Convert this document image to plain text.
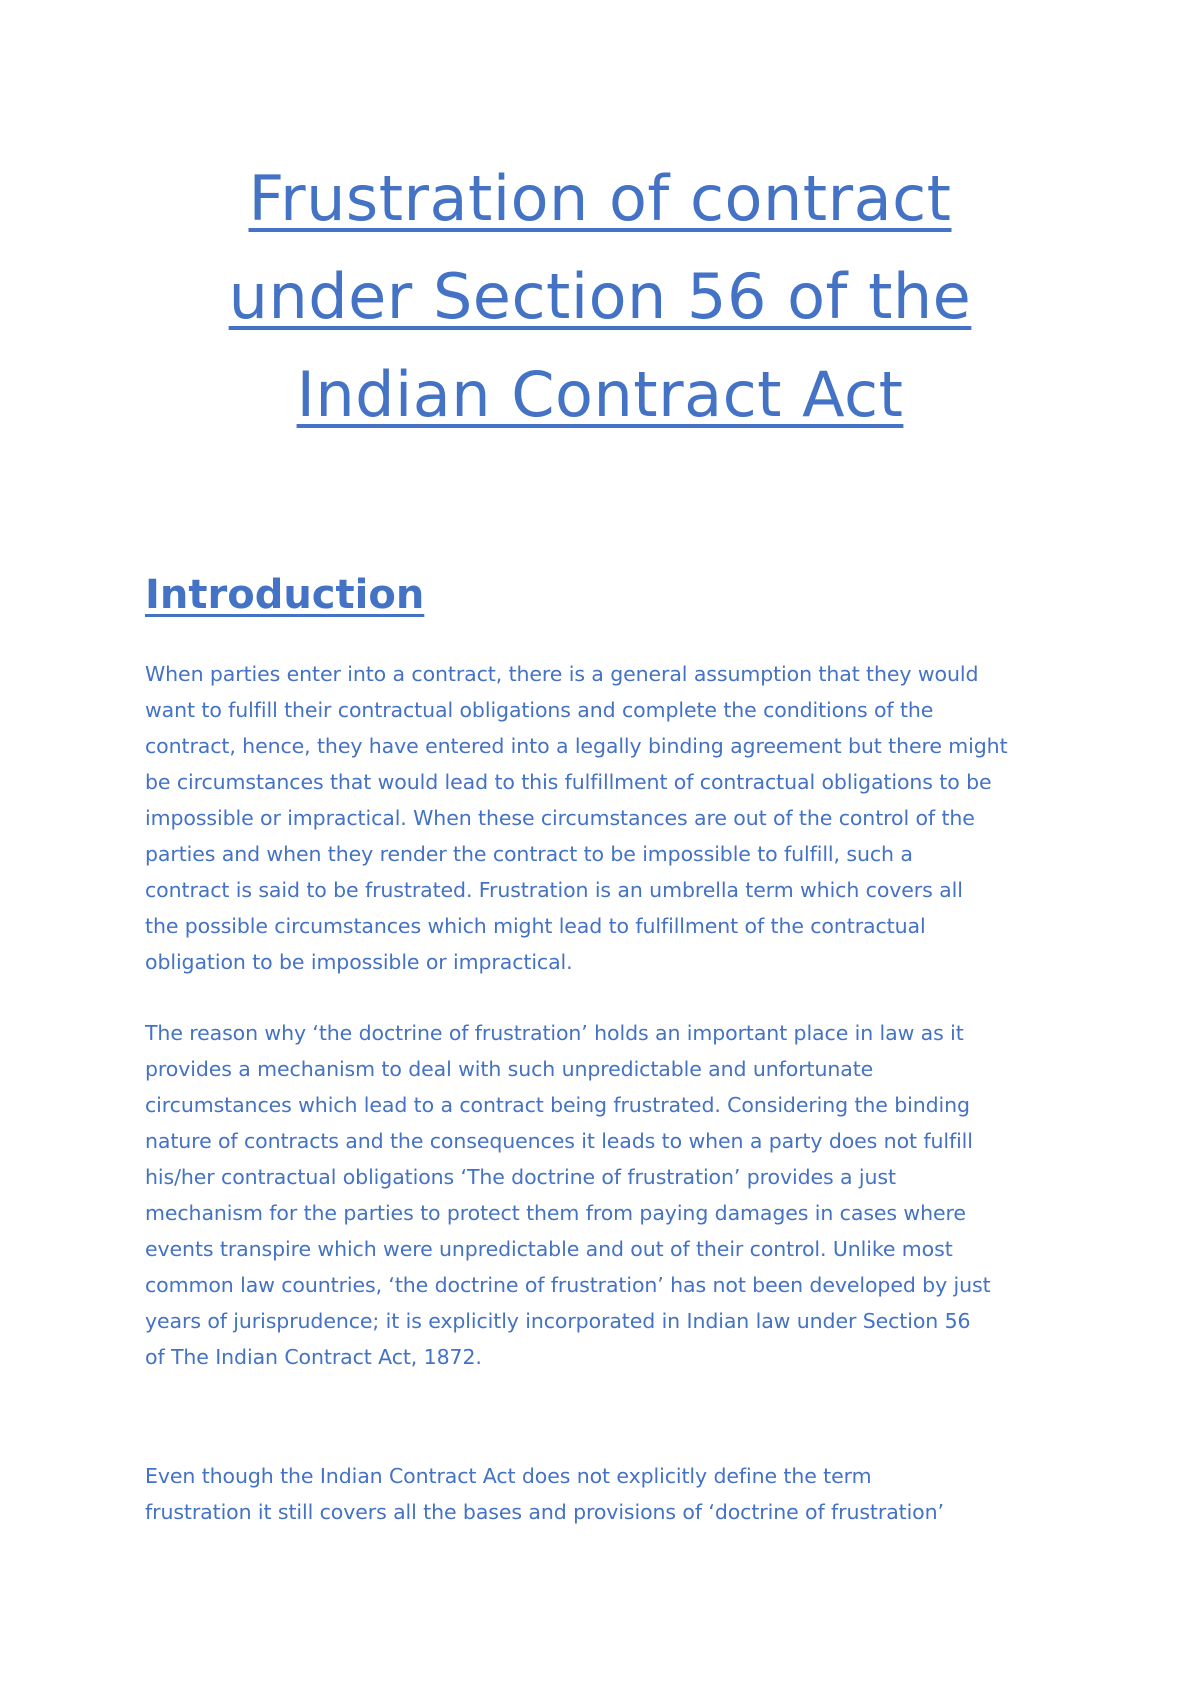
Frustration of contract
under Section 56 of the
Indian Contract Act
Introduction
When parties enter into a contract, there is a general assumption that they would
want to fulfill their contractual obligations and complete the conditions of the
contract, hence, they have entered into a legally binding agreement but there might
be circumstances that would lead to this fulfillment of contractual obligations to be
impossible or impractical. When these circumstances are out of the control of the
parties and when they render the contract to be impossible to fulfill, such a
contract is said to be frustrated. Frustration is an umbrella term which covers all
the possible circumstances which might lead to fulfillment of the contractual
obligation to be impossible or impractical.
The reason why ‘the doctrine of frustration’ holds an important place in law as it
provides a mechanism to deal with such unpredictable and unfortunate
circumstances which lead to a contract being frustrated. Considering the binding
nature of contracts and the consequences it leads to when a party does not fulfill
his/her contractual obligations ‘The doctrine of frustration’ provides a just
mechanism for the parties to protect them from paying damages in cases where
events transpire which were unpredictable and out of their control. Unlike most
common law countries, ‘the doctrine of frustration’ has not been developed by just
years of jurisprudence; it is explicitly incorporated in Indian law under Section 56
of The Indian Contract Act, 1872.
Even though the Indian Contract Act does not explicitly define the term
frustration it still covers all the bases and provisions of ‘doctrine of frustration’
